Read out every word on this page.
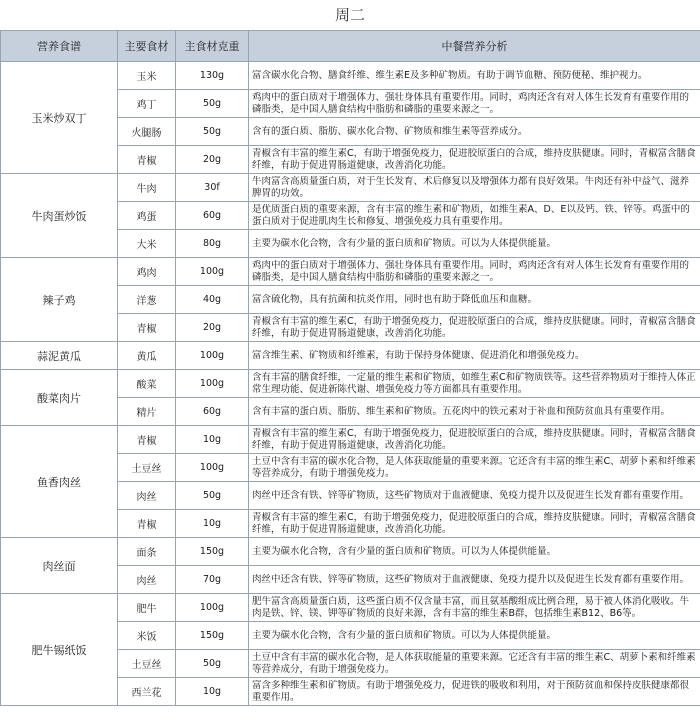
周二
营养食谱	主要食材	主食材克重	中餐营养分析
玉米炒双丁	玉米	130g	富含碳水化合物、膳食纤维、维生素E及多种矿物质。有助于调节血糖、预防便秘、维护视力。

	鸡丁	50g	鸡肉中的蛋白质对于增强体力、强壮身体具有重要作用。同时，鸡肉还含有对人体生长发育有重要作用的磷脂类，是中国人膳食结构中脂肪和磷脂的重要来源之一。

	火腿肠	50g	含有的蛋白质、脂肪、碳水化合物、矿物质和维生素等营养成分。

	青椒	20g	青椒含有丰富的维生素C，有助于增强免疫力，促进胶原蛋白的合成，维持皮肤健康。同时，青椒富含膳食纤维，有助于促进胃肠道健康，改善消化功能。

牛肉蛋炒饭	牛肉	30f	牛肉富含高质量蛋白质，对于生长发育、术后修复以及增强体力都有良好效果。牛肉还有补中益气、滋养脾胃的功效。

	鸡蛋	60g	是优质蛋白质的重要来源，含有丰富的维生素和矿物质，如维生素A、D、E以及钙、铁、锌等。鸡蛋中的蛋白质对于促进肌肉生长和修复、增强免疫力具有重要作用。

	大米	80g	主要为碳水化合物，含有少量的蛋白质和矿物质。可以为人体提供能量。

辣子鸡	鸡肉	100g	鸡肉中的蛋白质对于增强体力、强壮身体具有重要作用。同时，鸡肉还含有对人体生长发育有重要作用的磷脂类，是中国人膳食结构中脂肪和磷脂的重要来源之一。

	洋葱	40g	富含硫化物，具有抗菌和抗炎作用，同时也有助于降低血压和血糖。

	青椒	20g	青椒含有丰富的维生素C，有助于增强免疫力，促进胶原蛋白的合成，维持皮肤健康。同时，青椒富含膳食纤维，有助于促进胃肠道健康，改善消化功能。

蒜泥黄瓜	黄瓜	100g	富含维生素、矿物质和纤维素，有助于保持身体健康、促进消化和增强免疫力。

酸菜肉片	酸菜	100g	含有丰富的膳食纤维，一定量的维生素和矿物质，如维生素C和矿物质铁等。这些营养物质对于维持人体正常生理功能、促进新陈代谢、增强免疫力等方面都具有重要作用。

	精片	60g	含有丰富的蛋白质、脂肪、维生素和矿物质。五花肉中的铁元素对于补血和预防贫血具有重要作用。

鱼香肉丝	青椒	10g	青椒含有丰富的维生素C，有助于增强免疫力，促进胶原蛋白的合成，维持皮肤健康。同时，青椒富含膳食纤维，有助于促进胃肠道健康，改善消化功能。

	土豆丝	100g	土豆中含有丰富的碳水化合物，是人体获取能量的重要来源。它还含有丰富的维生素C、胡萝卜素和纤维素等营养成分，有助于增强免疫力。

	肉丝	50g	肉丝中还含有铁、锌等矿物质，这些矿物质对于血液健康、免疫力提升以及促进生长发育都有重要作用。

	青椒	10g	青椒含有丰富的维生素C，有助于增强免疫力，促进胶原蛋白的合成，维持皮肤健康。同时，青椒富含膳食纤维，有助于促进胃肠道健康，改善消化功能。

肉丝面	面条	150g	主要为碳水化合物，含有少量的蛋白质和矿物质。可以为人体提供能量。

	肉丝	70g	肉丝中还含有铁、锌等矿物质，这些矿物质对于血液健康、免疫力提升以及促进生长发育都有重要作用。

肥牛锡纸饭	肥牛	100g	肥牛富含高质量蛋白质，这些蛋白质不仅含量丰富，而且氨基酸组成比例合理，易于被人体消化吸收。牛肉是铁、锌、镁、钾等矿物质的良好来源，含有丰富的维生素B群，包括维生素B12、B6等。

	米饭	150g	主要为碳水化合物，含有少量的蛋白质和矿物质。可以为人体提供能量。

	土豆丝	50g	土豆中含有丰富的碳水化合物，是人体获取能量的重要来源。它还含有丰富的维生素C、胡萝卜素和纤维素等营养成分，有助于增强免疫力。

	西兰花	10g	富含多种维生素和矿物质。有助于增强免疫力，促进铁的吸收和利用，对于预防贫血和保持皮肤健康都很重要作用。
